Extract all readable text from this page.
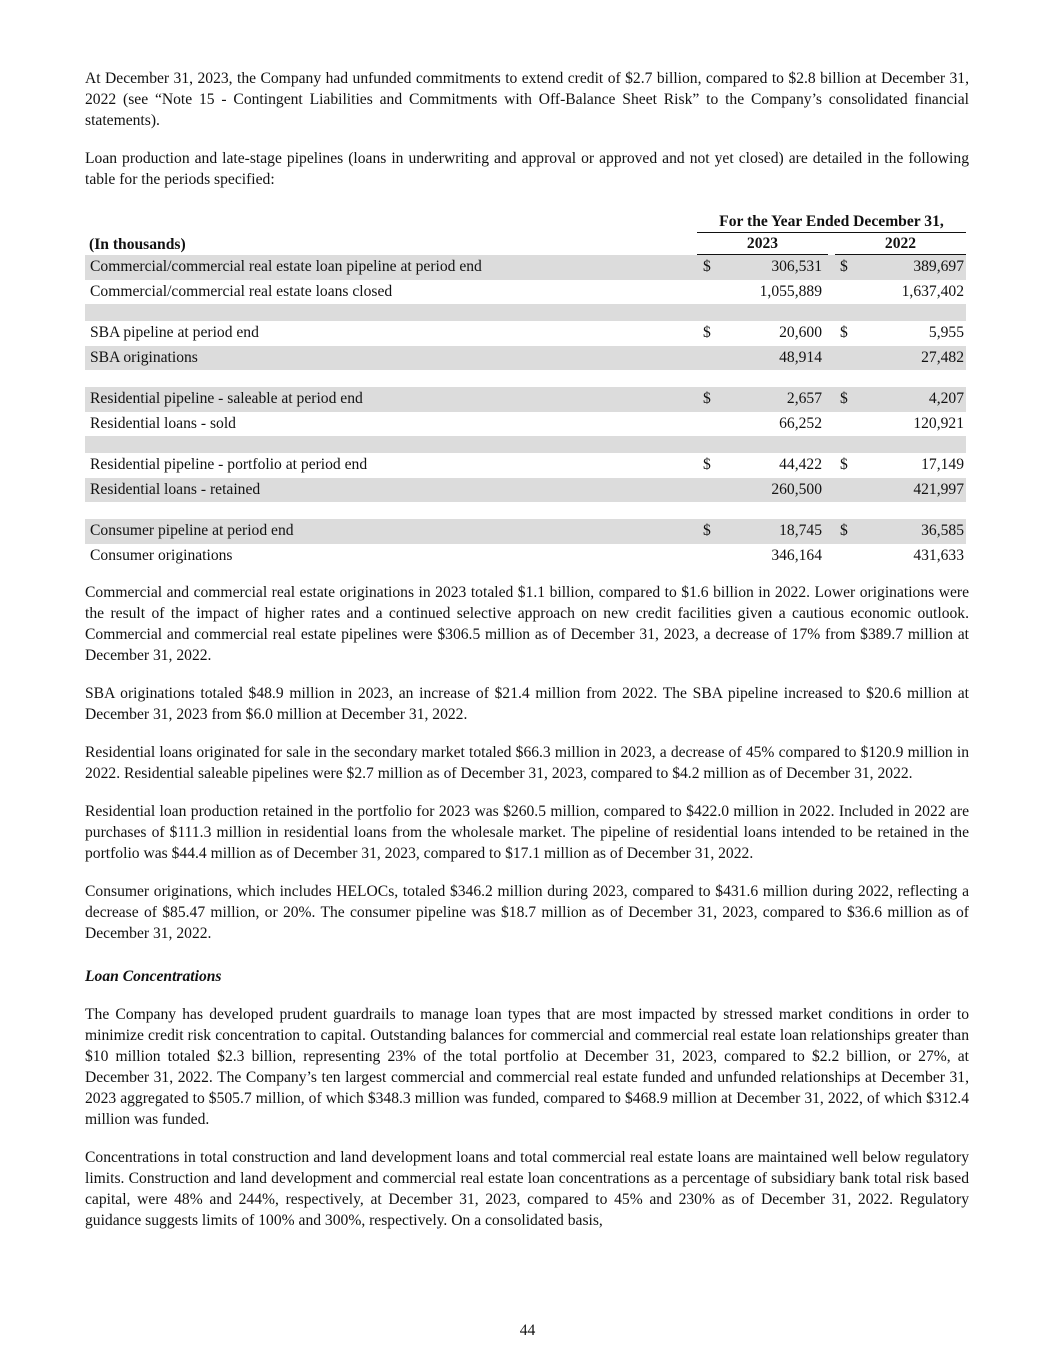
At December 31, 2023, the Company had unfunded commitments to extend credit of $2.7 billion, compared to $2.8 billion at December 31, 2022 (see “Note 15 - Contingent Liabilities and Commitments with Off-Balance Sheet Risk” to the Company’s consolidated financial statements).

Loan production and late-stage pipelines (loans in underwriting and approval or approved and not yet closed) are detailed in the following table for the periods specified:

For the Year Ended December 31,
(In thousands)	2023	2022
Commercial/commercial real estate loan pipeline at period end	$	306,531 $	389,697
Commercial/commercial real estate loans closed	1,055,889	1,637,402
SBA pipeline at period end	$	20,600 $	5,955
SBA originations	48,914	27,482
Residential pipeline - saleable at period end	$	2,657 $	4,207
Residential loans - sold	66,252	120,921
Residential pipeline - portfolio at period end	$	44,422 $	17,149
Residential loans - retained	260,500	421,997
Consumer pipeline at period end	$	18,745 $	36,585
Consumer originations	346,164	431,633

Commercial and commercial real estate originations in 2023 totaled $1.1 billion, compared to $1.6 billion in 2022. Lower originations were the result of the impact of higher rates and a continued selective approach on new credit facilities given a cautious economic outlook. Commercial and commercial real estate pipelines were $306.5 million as of December 31, 2023, a decrease of 17% from $389.7 million at December 31, 2022.

SBA originations totaled $48.9 million in 2023, an increase of $21.4 million from 2022. The SBA pipeline increased to $20.6 million at December 31, 2023 from $6.0 million at December 31, 2022.

Residential loans originated for sale in the secondary market totaled $66.3 million in 2023, a decrease of 45% compared to $120.9 million in 2022. Residential saleable pipelines were $2.7 million as of December 31, 2023, compared to $4.2 million as of December 31, 2022.

Residential loan production retained in the portfolio for 2023 was $260.5 million, compared to $422.0 million in 2022. Included in 2022 are purchases of $111.3 million in residential loans from the wholesale market. The pipeline of residential loans intended to be retained in the portfolio was $44.4 million as of December 31, 2023, compared to $17.1 million as of December 31, 2022.

Consumer originations, which includes HELOCs, totaled $346.2 million during 2023, compared to $431.6 million during 2022, reflecting a decrease of $85.47 million, or 20%. The consumer pipeline was $18.7 million as of December 31, 2023, compared to $36.6 million as of December 31, 2022.

Loan Concentrations

The Company has developed prudent guardrails to manage loan types that are most impacted by stressed market conditions in order to minimize credit risk concentration to capital. Outstanding balances for commercial and commercial real estate loan relationships greater than $10 million totaled $2.3 billion, representing 23% of the total portfolio at December 31, 2023, compared to $2.2 billion, or 27%, at December 31, 2022. The Company’s ten largest commercial and commercial real estate funded and unfunded relationships at December 31, 2023 aggregated to $505.7 million, of which $348.3 million was funded, compared to $468.9 million at December 31, 2022, of which $312.4 million was funded.

Concentrations in total construction and land development loans and total commercial real estate loans are maintained well below regulatory limits. Construction and land development and commercial real estate loan concentrations as a percentage of subsidiary bank total risk based capital, were 48% and 244%, respectively, at December 31, 2023, compared to 45% and 230% as of December 31, 2022. Regulatory guidance suggests limits of 100% and 300%, respectively. On a consolidated basis,

44
